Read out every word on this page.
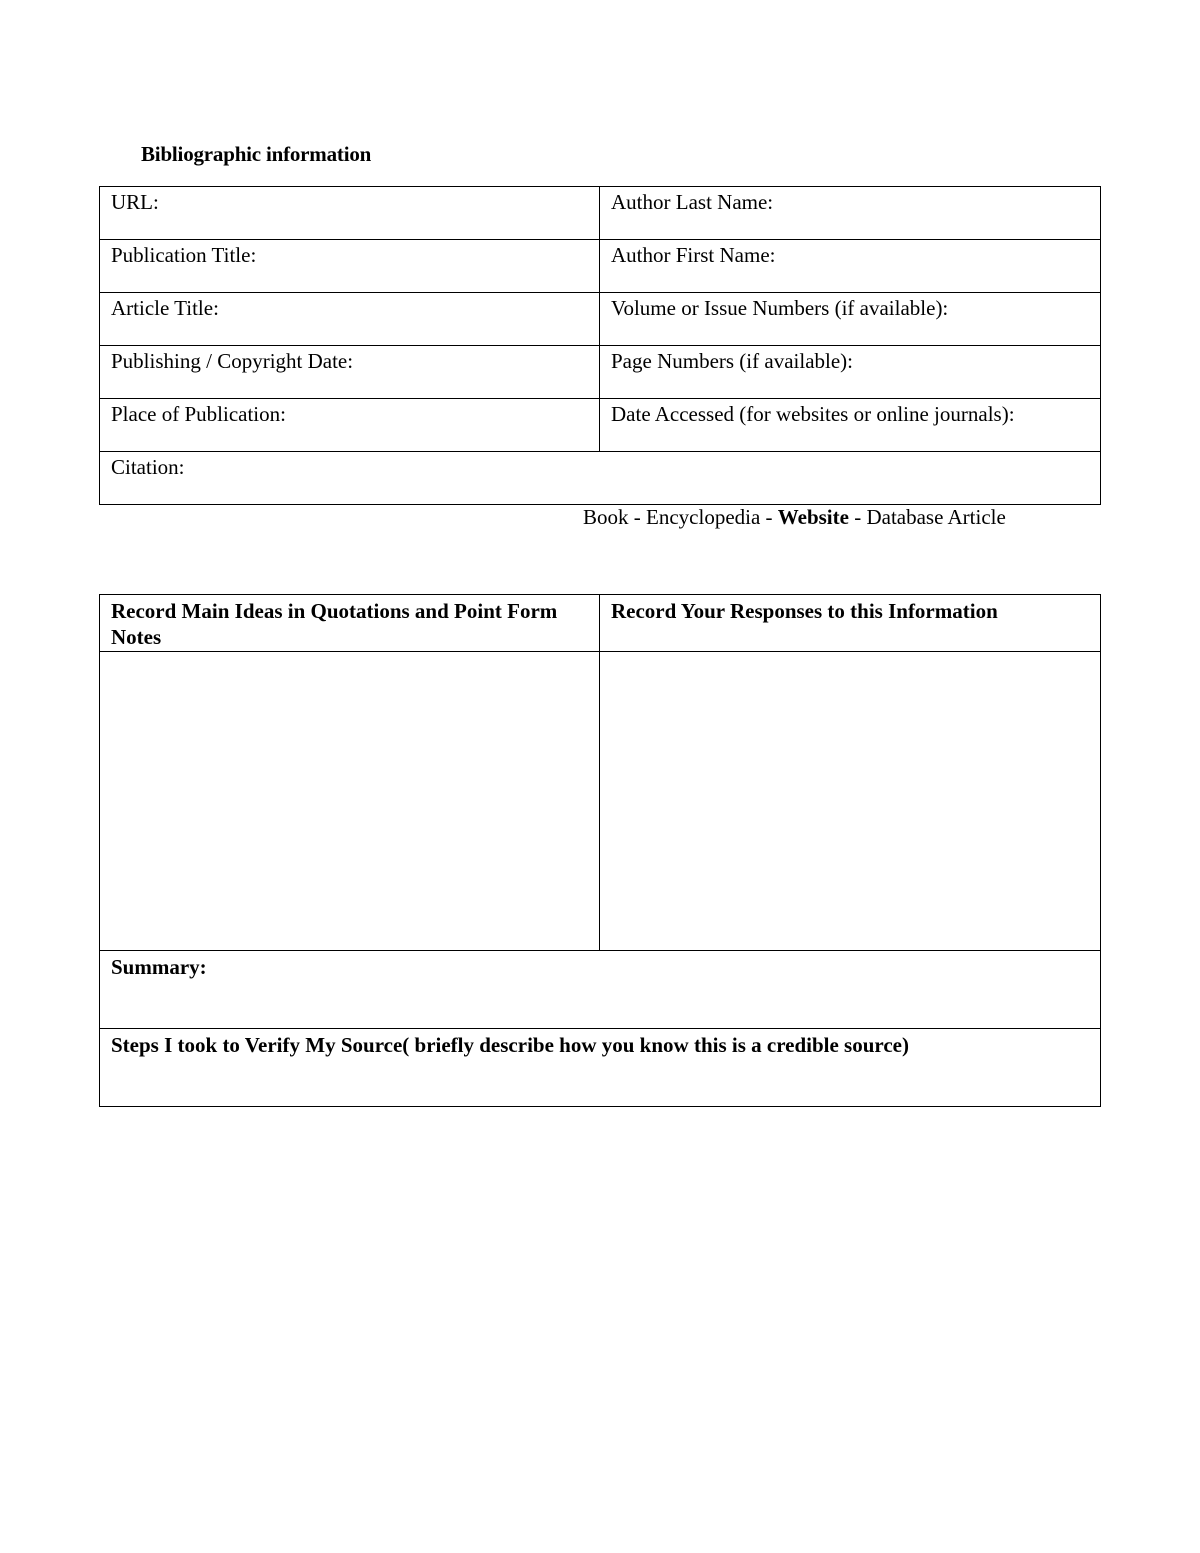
Bibliographic information
URL:	Author Last Name:

Publication Title:	Author First Name:

Article Title:	Volume or Issue Numbers (if available):

Publishing / Copyright Date:	Page Numbers (if available):

Place of Publication:	Date Accessed (for websites or online journals):

Citation:	
Book - Encyclopedia - Website - Database Article
Record Main Ideas in Quotations and Point Form Notes	Record Your Responses to this Information

Summary:	
Steps I took to Verify My Source( briefly describe how you know this is a credible source)	
